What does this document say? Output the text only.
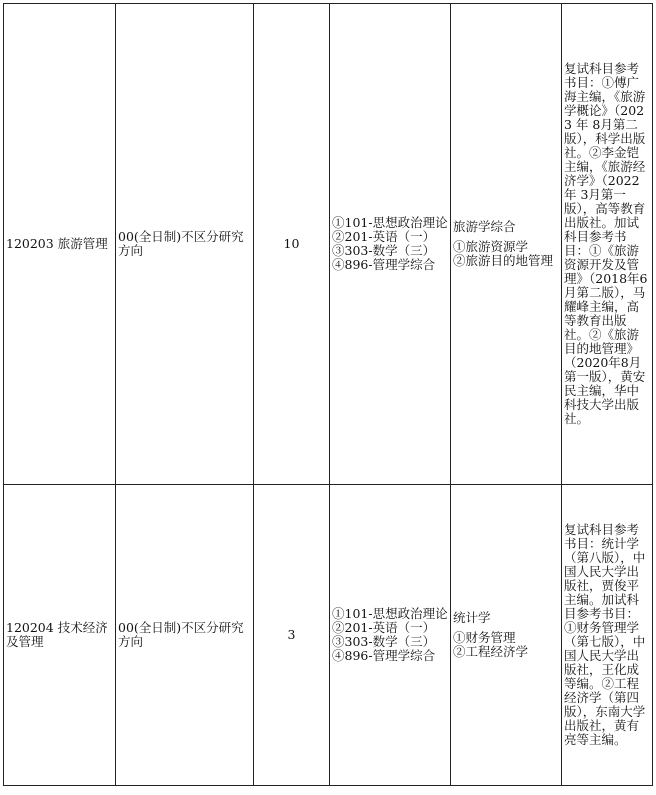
120203 旅游管理	00(全日制)不区分研究方向	10	①101-思想政治理论
②201-英语（一）
③303-数学（三）
④896-管理学综合	旅游学综合
①旅游资源学
②旅游目的地管理	复试科目参考书目：①傅广海主编，《旅游学概论》（2023 年 8月第二版），科学出版社。②李金铠主编，《旅游经济学》（2022 年 3月第一版），高等教育出版社。加试科目参考书目：①《旅游资源开发及管理》（2018年6月第二版），马耀峰主编，高等教育出版社。②《旅游目的地管理》（2020年8月第一版），黄安民主编，华中科技大学出版社。
120204 技术经济及管理	00(全日制)不区分研究方向	3	①101-思想政治理论
②201-英语（一）
③303-数学（三）
④896-管理学综合	统计学
①财务管理
②工程经济学	复试科目参考书目：统计学（第八版），中国人民大学出版社，贾俊平主编。加试科目参考书目：①财务管理学（第七版），中国人民大学出版社，王化成等编。②工程经济学（第四版），东南大学出版社，黄有亮等主编。
